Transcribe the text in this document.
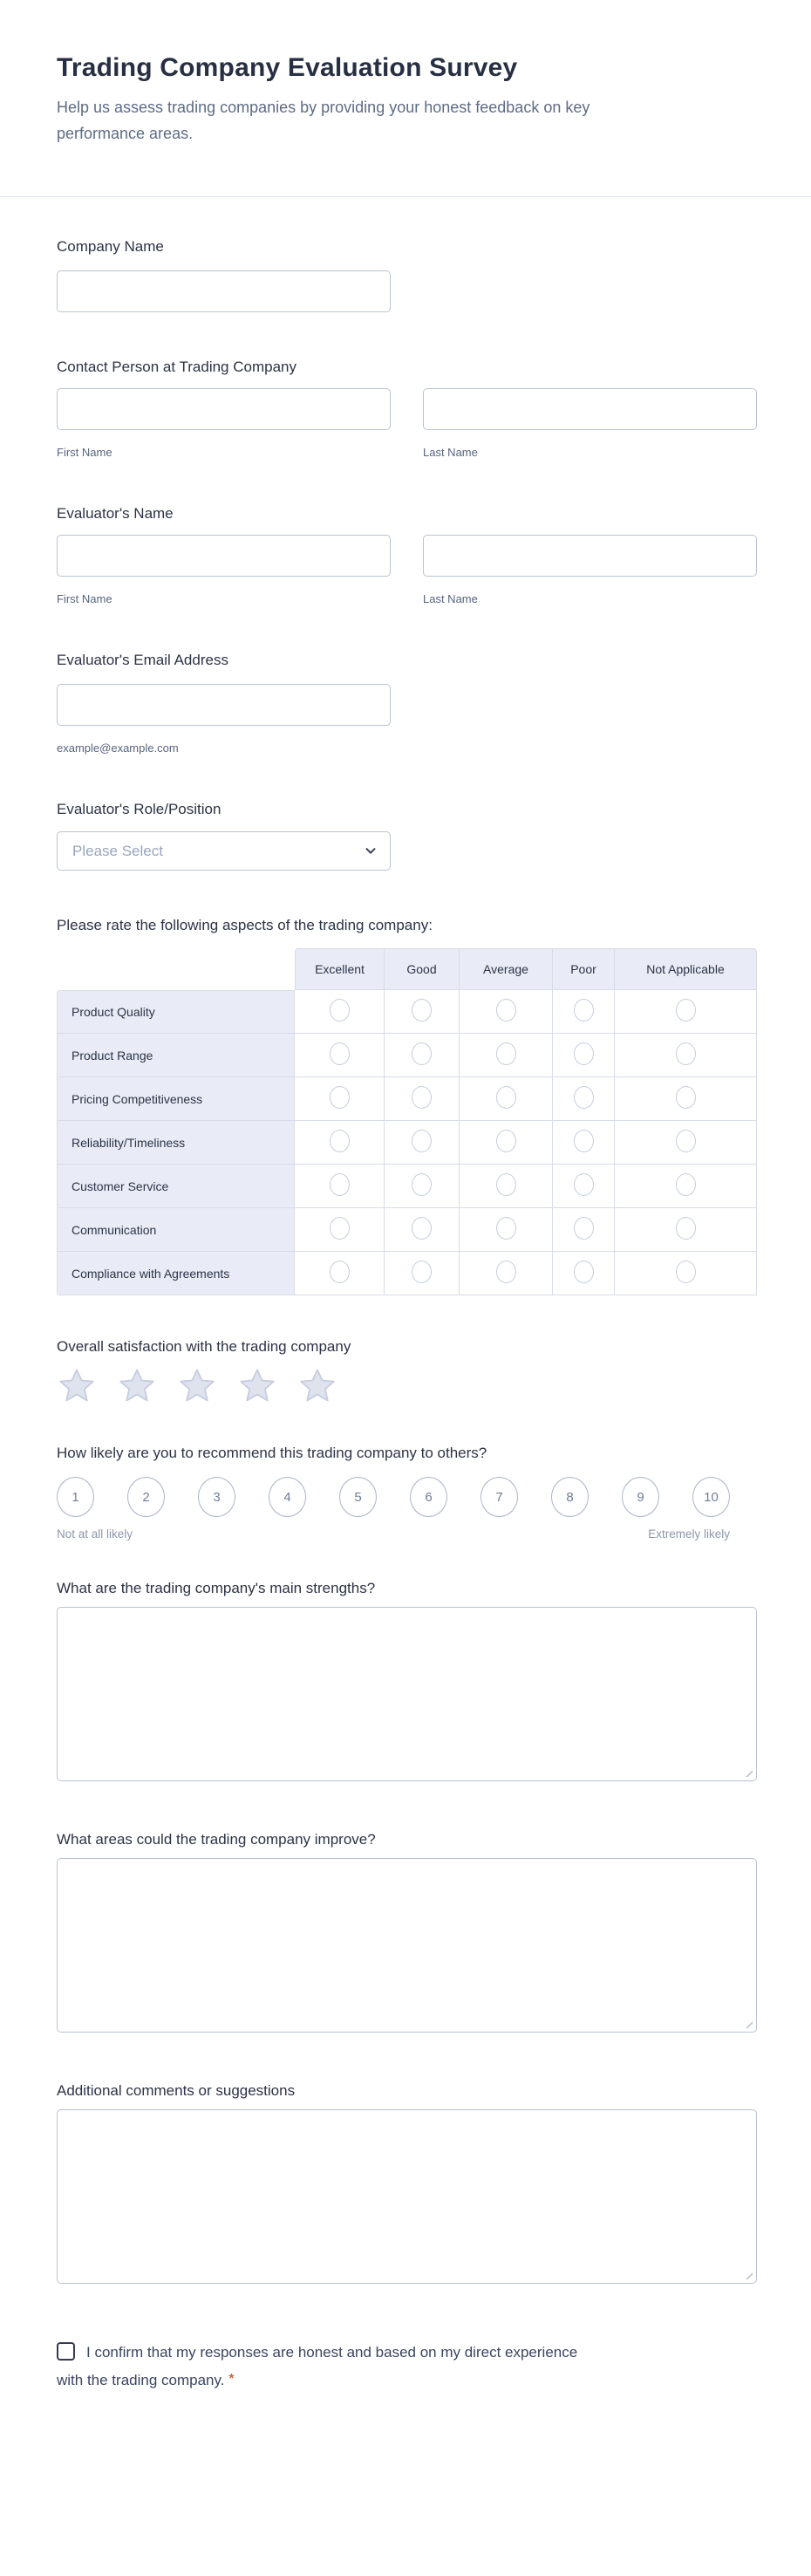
Trading Company Evaluation Survey

Help us assess trading companies by providing your honest feedback on key performance areas.

Company Name
Contact Person at Trading Company
First Name	Last Name
Evaluator's Name
First Name	Last Name
Evaluator's Email Address
example@example.com
Evaluator's Role/Position
Please Select
Please rate the following aspects of the trading company:
	Excellent	Good	Average	Poor	Not Applicable
Product Quality					
Product Range					
Pricing Competitiveness					
Reliability/Timeliness					
Customer Service					
Communication					
Compliance with Agreements					
Overall satisfaction with the trading company
How likely are you to recommend this trading company to others?
1	2	3	4	5	6	7	8	9	10
Not at all likely	Extremely likely
What are the trading company's main strengths?
What areas could the trading company improve?
Additional comments or suggestions
I confirm that my responses are honest and based on my direct experience with the trading company. *
